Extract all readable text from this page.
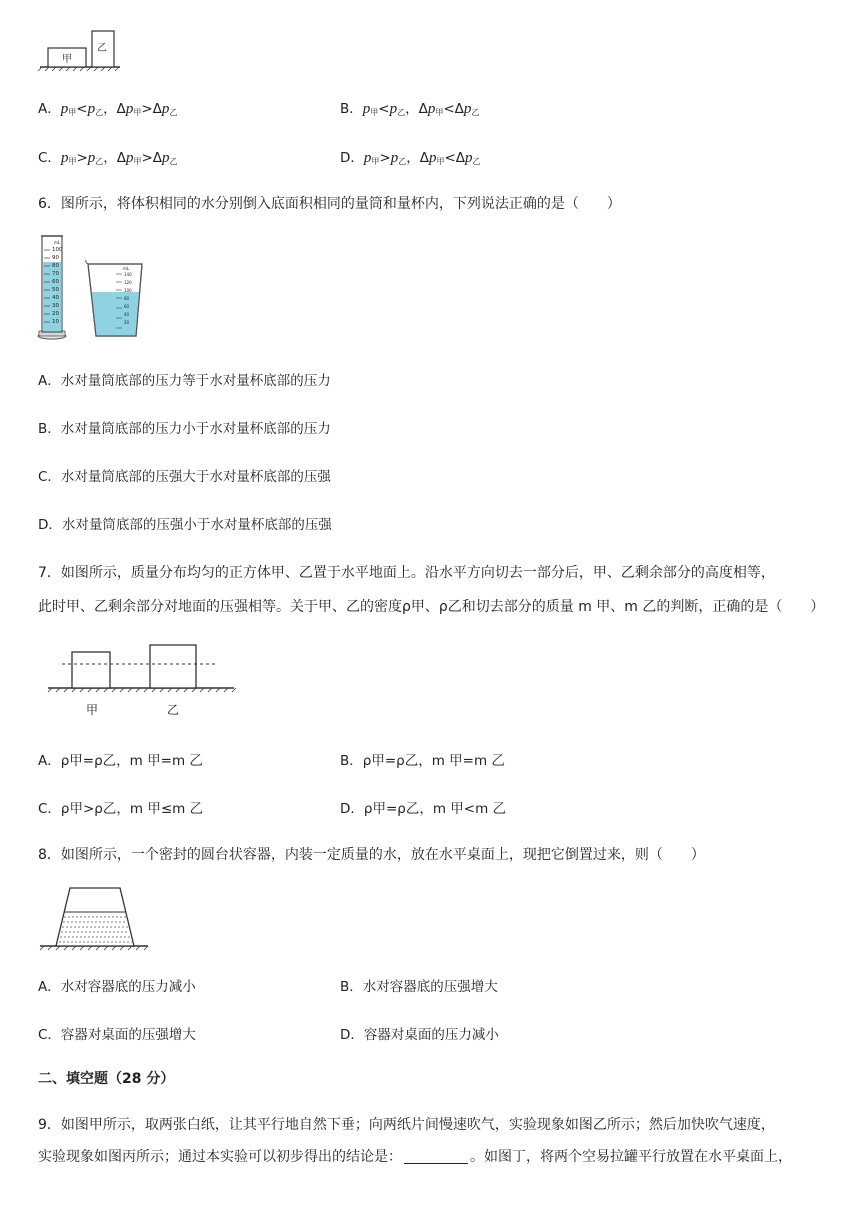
甲
乙
A．$p_甲<p_乙$，$\Delta p_甲>\Delta p_乙$	B．$p_甲<p_乙$，$\Delta p_甲<\Delta p_乙$
C．$p_甲>p_乙$，$\Delta p_甲>\Delta p_乙$	D．$p_甲>p_乙$，$\Delta p_甲<\Delta p_乙$
6．图所示，将体积相同的水分别倒入底面积相同的量筒和量杯内，下列说法正确的是（　　）
mL
100
90
80
70
60
50
40
30
20
10
mL
140
120
100
80
60
40
20
A．水对量筒底部的压力等于水对量杯底部的压力
B．水对量筒底部的压力小于水对量杯底部的压力
C．水对量筒底部的压强大于水对量杯底部的压强
D．水对量筒底部的压强小于水对量杯底部的压强
7．如图所示，质量分布均匀的正方体甲、乙置于水平地面上。沿水平方向切去一部分后，甲、乙剩余部分的高度相等，
此时甲、乙剩余部分对地面的压强相等。关于甲、乙的密度ρ甲、ρ乙和切去部分的质量 m 甲、m 乙的判断，正确的是（　　）
甲	乙
A．ρ甲=ρ乙，m 甲=m 乙	B．ρ甲=ρ乙，m 甲=m 乙
C．ρ甲>ρ乙，m 甲≤m 乙	D．ρ甲=ρ乙，m 甲<m 乙
8．如图所示，一个密封的圆台状容器，内装一定质量的水，放在水平桌面上，现把它倒置过来，则（　　）
A．水对容器底的压力减小	B．水对容器底的压强增大
C．容器对桌面的压强增大	D．容器对桌面的压力减小
二、填空题（28 分）
9．如图甲所示，取两张白纸，让其平行地自然下垂；向两纸片间慢速吹气，实验现象如图乙所示；然后加快吹气速度，
实验现象如图丙所示；通过本实验可以初步得出的结论是：	。如图丁，将两个空易拉罐平行放置在水平桌面上，
